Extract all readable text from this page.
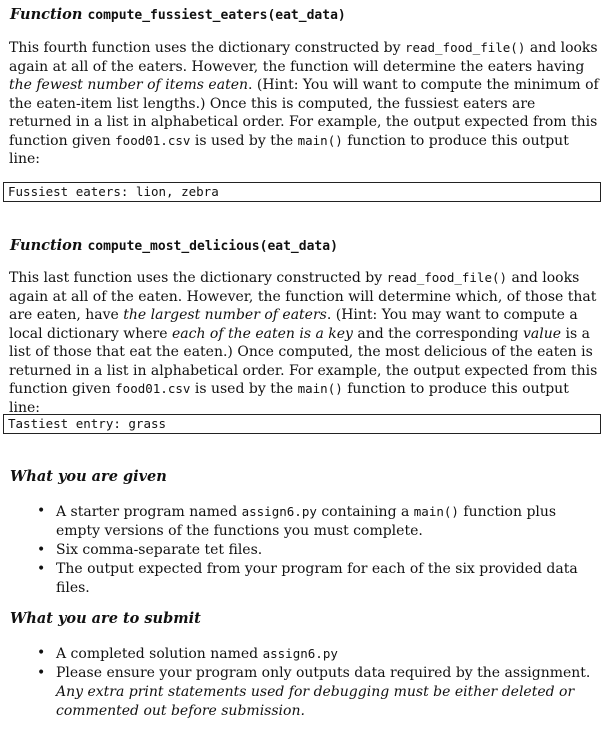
Function compute_fussiest_eaters(eat_data)

This fourth function uses the dictionary constructed by read_food_file() and looks again at all of the eaters. However, the function will determine the eaters having the fewest number of items eaten. (Hint: You will want to compute the minimum of the eaten-item list lengths.) Once this is computed, the fussiest eaters are returned in a list in alphabetical order. For example, the output expected from this function given food01.csv is used by the main() function to produce this output line:

Fussiest eaters: lion, zebra
Function compute_most_delicious(eat_data)

This last function uses the dictionary constructed by read_food_file() and looks again at all of the eaten. However, the function will determine which, of those that are eaten, have the largest number of eaters. (Hint: You may want to compute a local dictionary where each of the eaten is a key and the corresponding value is a list of those that eat the eaten.) Once computed, the most delicious of the eaten is returned in a list in alphabetical order. For example, the output expected from this function given food01.csv is used by the main() function to produce this output line:

Tastiest entry: grass
What you are given
• A starter program named assign6.py containing a main() function plus empty versions of the functions you must complete.
• Six comma-separate tet files.
• The output expected from your program for each of the six provided data files.
What you are to submit
• A completed solution named assign6.py
• Please ensure your program only outputs data required by the assignment.
Any extra print statements used for debugging must be either deleted or commented out before submission.
